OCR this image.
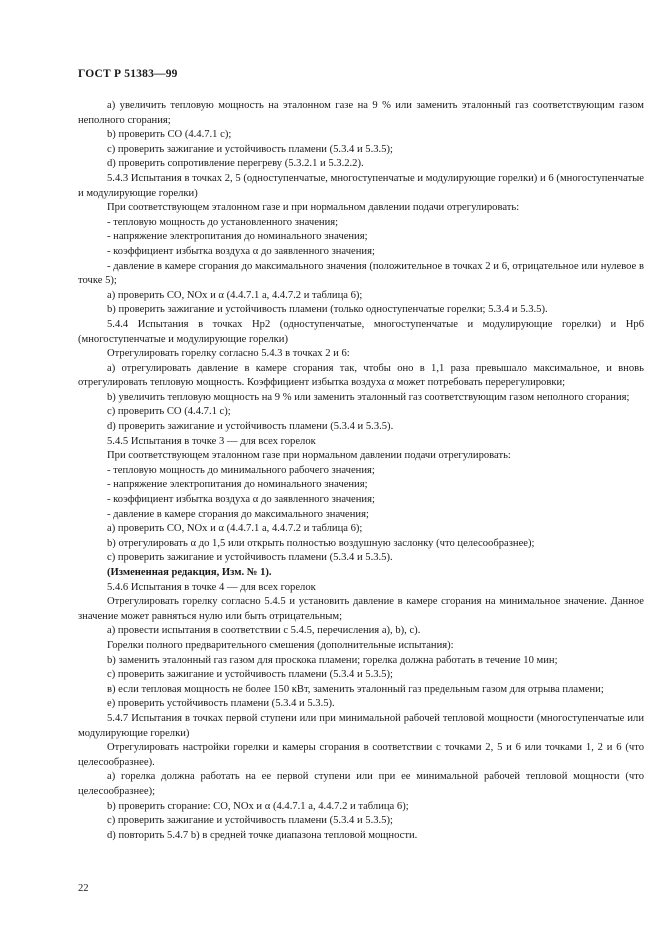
ГОСТ Р 51383—99

а) увеличить тепловую мощность на эталонном газе на 9 % или заменить эталонный газ соответствующим газом неполного сгорания;

b) проверить СО (4.4.7.1 с);

с) проверить зажигание и устойчивость пламени (5.3.4 и 5.3.5);

d) проверить сопротивление перегреву (5.3.2.1 и 5.3.2.2).

5.4.3 Испытания в точках 2, 5 (одноступенчатые, многоступенчатые и модулирующие горелки) и 6 (многоступенчатые и модулирующие горелки)

При соответствующем эталонном газе и при нормальном давлении подачи отрегулировать:

- тепловую мощность до установленного значения;

- напряжение электропитания до номинального значения;

- коэффициент избытка воздуха α до заявленного значения;

- давление в камере сгорания до максимального значения (положительное в точках 2 и 6, отрицательное или нулевое в точке 5);

а) проверить СО, NOx и α (4.4.7.1 а, 4.4.7.2 и таблица 6);

b) проверить зажигание и устойчивость пламени (только одноступенчатые горелки; 5.3.4 и 5.3.5).

5.4.4 Испытания в точках Нр2 (одноступенчатые, многоступенчатые и модулирующие горелки) и Нр6 (многоступенчатые и модулирующие горелки)

Отрегулировать горелку согласно 5.4.3 в точках 2 и 6:

а) отрегулировать давление в камере сгорания так, чтобы оно в 1,1 раза превышало максимальное, и вновь отрегулировать тепловую мощность. Коэффициент избытка воздуха α может потребовать перерегулировки;

b) увеличить тепловую мощность на 9 % или заменить эталонный газ соответствующим газом неполного сгорания;

с) проверить СО (4.4.7.1 с);

d) проверить зажигание и устойчивость пламени (5.3.4 и 5.3.5).

5.4.5 Испытания в точке 3 — для всех горелок

При соответствующем эталонном газе при нормальном давлении подачи отрегулировать:

- тепловую мощность до минимального рабочего значения;

- напряжение электропитания до номинального значения;

- коэффициент избытка воздуха α до заявленного значения;

- давление в камере сгорания до максимального значения;

а) проверить СО, NOx и α (4.4.7.1 а, 4.4.7.2 и таблица 6);

b) отрегулировать α до 1,5 или открыть полностью воздушную заслонку (что целесообразнее);

с) проверить зажигание и устойчивость пламени (5.3.4 и 5.3.5).

(Измененная редакция, Изм. № 1).

5.4.6 Испытания в точке 4 — для всех горелок

Отрегулировать горелку согласно 5.4.5 и установить давление в камере сгорания на минимальное значение. Данное значение может равняться нулю или быть отрицательным;

а) провести испытания в соответствии с 5.4.5, перечисления а), b), с).

Горелки полного предварительного смешения (дополнительные испытания):

b) заменить эталонный газ газом для проскока пламени; горелка должна работать в течение 10 мин;

с) проверить зажигание и устойчивость пламени (5.3.4 и 5.3.5);

в) если тепловая мощность не более 150 кВт, заменить эталонный газ предельным газом для отрыва пламени;

е) проверить устойчивость пламени (5.3.4 и 5.3.5).

5.4.7 Испытания в точках первой ступени или при минимальной рабочей тепловой мощности (многоступенчатые или модулирующие горелки)

Отрегулировать настройки горелки и камеры сгорания в соответствии с точками 2, 5 и 6 или точками 1, 2 и 6 (что целесообразнее).

а) горелка должна работать на ее первой ступени или при ее минимальной рабочей тепловой мощности (что целесообразнее);

b) проверить сгорание: СО, NOx и α (4.4.7.1 а, 4.4.7.2 и таблица 6);

с) проверить зажигание и устойчивость пламени (5.3.4 и 5.3.5);

d) повторить 5.4.7 b) в средней точке диапазона тепловой мощности.

22
